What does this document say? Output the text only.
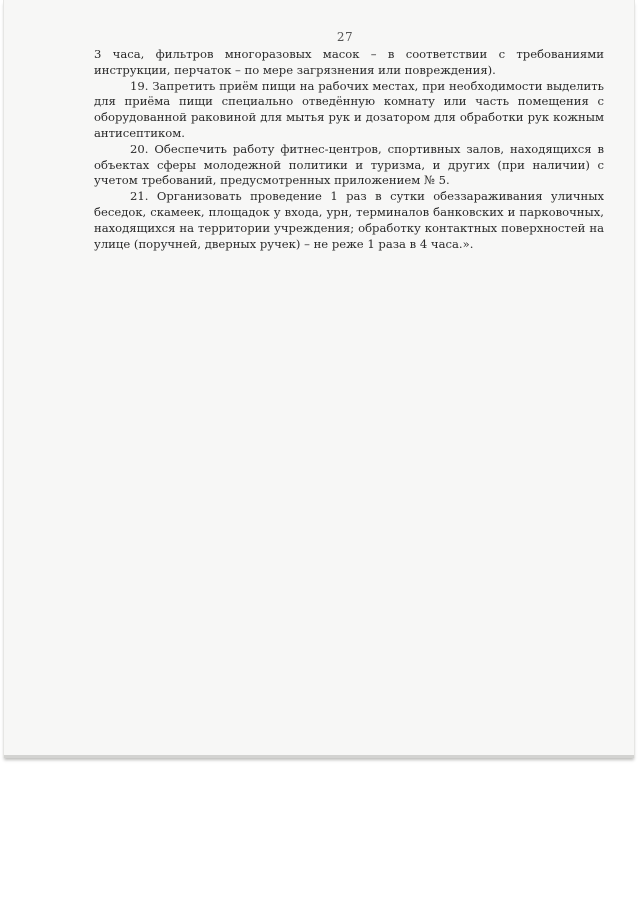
27

3 часа, фильтров многоразовых масок – в соответствии с требованиями инструкции, перчаток – по мере загрязнения или повреждения).

19. Запретить приём пищи на рабочих местах, при необходимости выделить для приёма пищи специально отведённую комнату или часть помещения с оборудованной раковиной для мытья рук и дозатором для обработки рук кожным антисептиком.

20. Обеспечить работу фитнес-центров, спортивных залов, находящихся в объектах сферы молодежной политики и туризма, и других (при наличии) с учетом требований, предусмотренных приложением № 5.

21. Организовать проведение 1 раз в сутки обеззараживания уличных беседок, скамеек, площадок у входа, урн, терминалов банковских и парковочных, находящихся на территории учреждения; обработку контактных поверхностей на улице (поручней, дверных ручек) – не реже 1 раза в 4 часа.».
